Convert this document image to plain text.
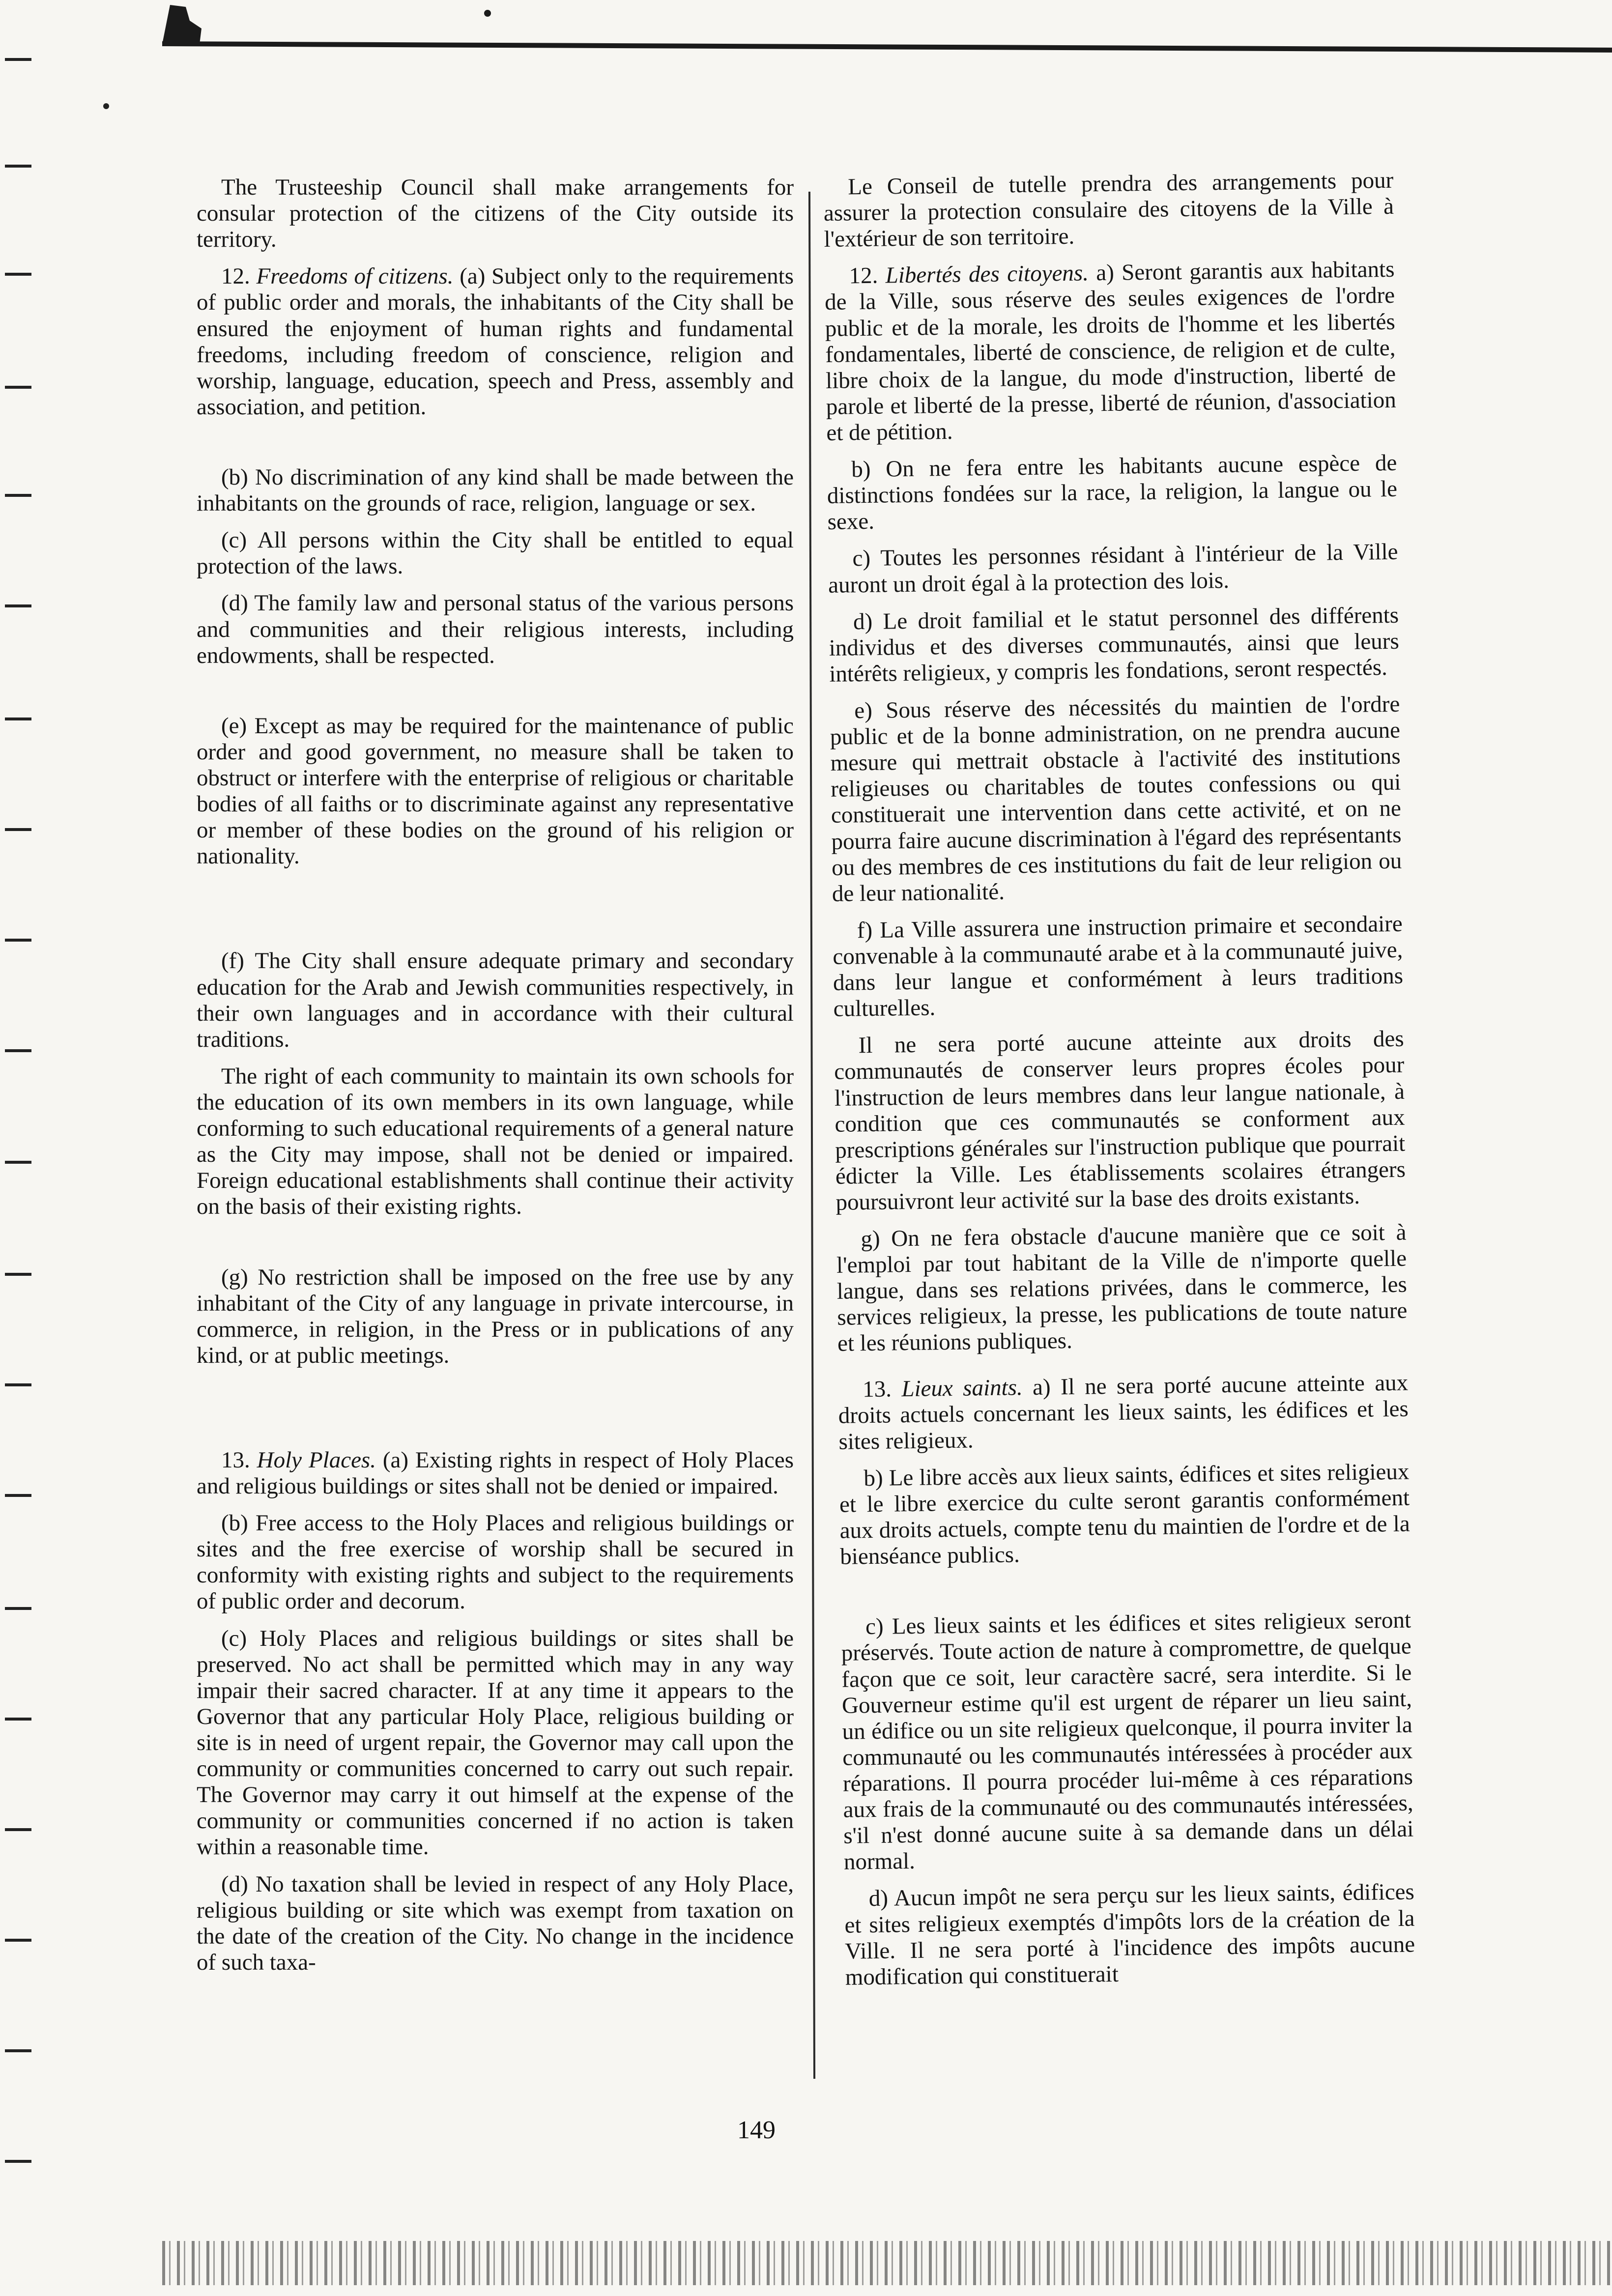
The Trusteeship Council shall make arrangements for consular protection of the citizens of the City outside its territory.

12. Freedoms of citizens. (a) Subject only to the requirements of public order and morals, the inhabitants of the City shall be ensured the enjoyment of human rights and fundamental freedoms, including freedom of conscience, religion and worship, language, education, speech and Press, assembly and association, and petition.

(b) No discrimination of any kind shall be made between the inhabitants on the grounds of race, religion, language or sex.

(c) All persons within the City shall be entitled to equal protection of the laws.

(d) The family law and personal status of the various persons and communities and their religious interests, including endowments, shall be respected.

(e) Except as may be required for the maintenance of public order and good government, no measure shall be taken to obstruct or interfere with the enterprise of religious or charitable bodies of all faiths or to discriminate against any representative or member of these bodies on the ground of his religion or nationality.

(f) The City shall ensure adequate primary and secondary education for the Arab and Jewish communities respectively, in their own languages and in accordance with their cultural traditions.

The right of each community to maintain its own schools for the education of its own members in its own language, while conforming to such educational requirements of a general nature as the City may impose, shall not be denied or impaired. Foreign educational establishments shall continue their activity on the basis of their existing rights.

(g) No restriction shall be imposed on the free use by any inhabitant of the City of any language in private intercourse, in commerce, in religion, in the Press or in publications of any kind, or at public meetings.

13. Holy Places. (a) Existing rights in respect of Holy Places and religious buildings or sites shall not be denied or impaired.

(b) Free access to the Holy Places and religious buildings or sites and the free exercise of worship shall be secured in conformity with existing rights and subject to the requirements of public order and decorum.

(c) Holy Places and religious buildings or sites shall be preserved. No act shall be permitted which may in any way impair their sacred character. If at any time it appears to the Governor that any particular Holy Place, religious building or site is in need of urgent repair, the Governor may call upon the community or communities concerned to carry out such repair. The Governor may carry it out himself at the expense of the community or communities concerned if no action is taken within a reasonable time.

(d) No taxation shall be levied in respect of any Holy Place, religious building or site which was exempt from taxation on the date of the creation of the City. No change in the incidence of such taxa-

Le Conseil de tutelle prendra des arrangements pour assurer la protection consulaire des citoyens de la Ville à l'extérieur de son territoire.

12. Libertés des citoyens. a) Seront garantis aux habitants de la Ville, sous réserve des seules exigences de l'ordre public et de la morale, les droits de l'homme et les libertés fondamentales, liberté de conscience, de religion et de culte, libre choix de la langue, du mode d'instruction, liberté de parole et liberté de la presse, liberté de réunion, d'association et de pétition.

b) On ne fera entre les habitants aucune espèce de distinctions fondées sur la race, la religion, la langue ou le sexe.

c) Toutes les personnes résidant à l'intérieur de la Ville auront un droit égal à la protection des lois.

d) Le droit familial et le statut personnel des différents individus et des diverses communautés, ainsi que leurs intérêts religieux, y compris les fondations, seront respectés.

e) Sous réserve des nécessités du maintien de l'ordre public et de la bonne administration, on ne prendra aucune mesure qui mettrait obstacle à l'activité des institutions religieuses ou charitables de toutes confessions ou qui constituerait une intervention dans cette activité, et on ne pourra faire aucune discrimination à l'égard des représentants ou des membres de ces institutions du fait de leur religion ou de leur nationalité.

f) La Ville assurera une instruction primaire et secondaire convenable à la communauté arabe et à la communauté juive, dans leur langue et conformément à leurs traditions culturelles.

Il ne sera porté aucune atteinte aux droits des communautés de conserver leurs propres écoles pour l'instruction de leurs membres dans leur langue nationale, à condition que ces communautés se conforment aux prescriptions générales sur l'instruction publique que pourrait édicter la Ville. Les établissements scolaires étrangers poursuivront leur activité sur la base des droits existants.

g) On ne fera obstacle d'aucune manière que ce soit à l'emploi par tout habitant de la Ville de n'importe quelle langue, dans ses relations privées, dans le commerce, les services religieux, la presse, les publications de toute nature et les réunions publiques.

13. Lieux saints. a) Il ne sera porté aucune atteinte aux droits actuels concernant les lieux saints, les édifices et les sites religieux.

b) Le libre accès aux lieux saints, édifices et sites religieux et le libre exercice du culte seront garantis conformément aux droits actuels, compte tenu du maintien de l'ordre et de la bienséance publics.

c) Les lieux saints et les édifices et sites religieux seront préservés. Toute action de nature à compromettre, de quelque façon que ce soit, leur caractère sacré, sera interdite. Si le Gouverneur estime qu'il est urgent de réparer un lieu saint, un édifice ou un site religieux quelconque, il pourra inviter la communauté ou les communautés intéressées à procéder aux réparations. Il pourra procéder lui-même à ces réparations aux frais de la communauté ou des communautés intéressées, s'il n'est donné aucune suite à sa demande dans un délai normal.

d) Aucun impôt ne sera perçu sur les lieux saints, édifices et sites religieux exemptés d'impôts lors de la création de la Ville. Il ne sera porté à l'incidence des impôts aucune modification qui constituerait

149
